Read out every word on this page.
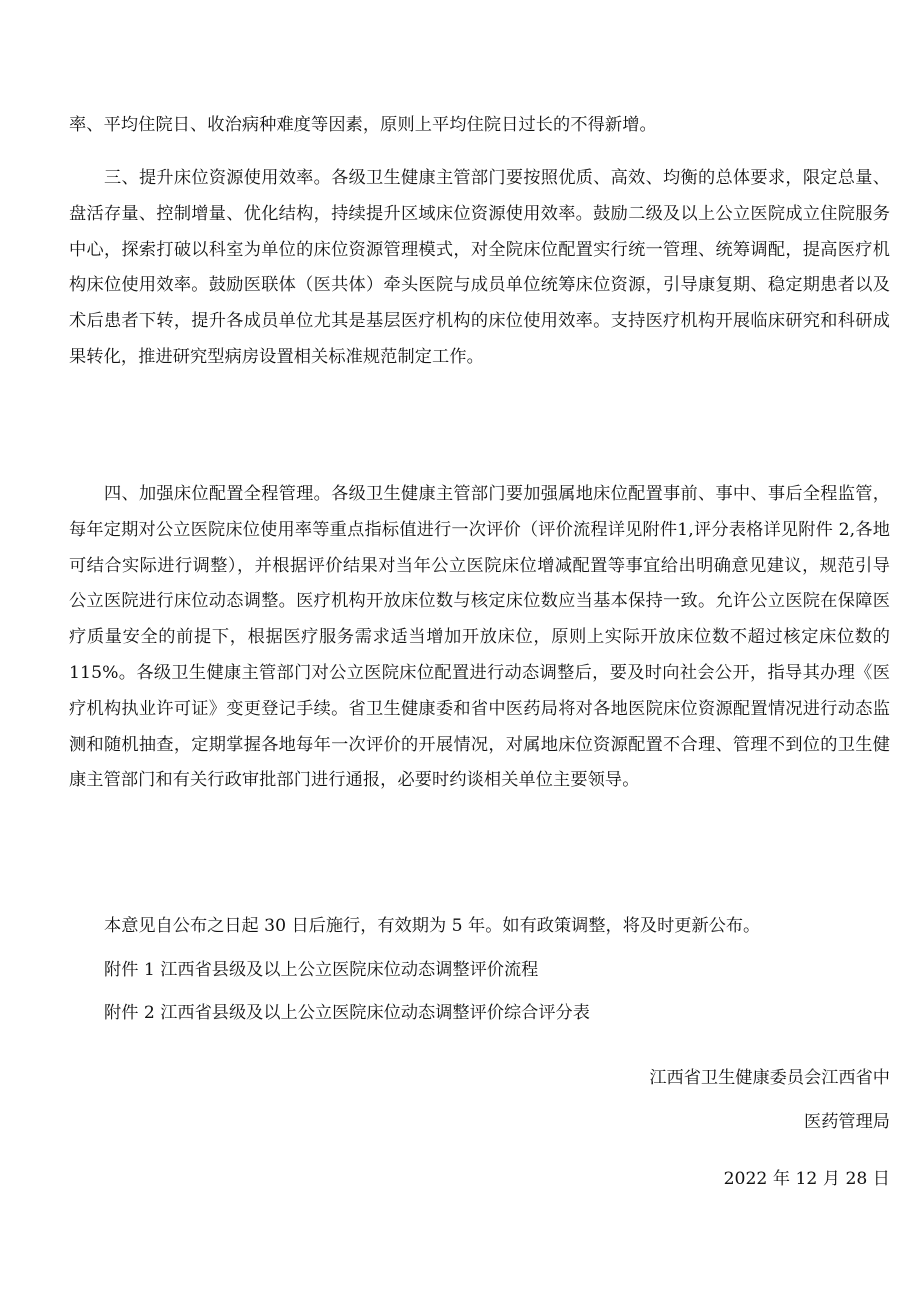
率、平均住院日、收治病种难度等因素，原则上平均住院日过长的不得新增。

三、提升床位资源使用效率。各级卫生健康主管部门要按照优质、高效、均衡的总体要求，限定总量、盘活存量、控制增量、优化结构，持续提升区域床位资源使用效率。鼓励二级及以上公立医院成立住院服务中心，探索打破以科室为单位的床位资源管理模式，对全院床位配置实行统一管理、统筹调配，提高医疗机构床位使用效率。鼓励医联体（医共体）牵头医院与成员单位统筹床位资源，引导康复期、稳定期患者以及术后患者下转，提升各成员单位尤其是基层医疗机构的床位使用效率。支持医疗机构开展临床研究和科研成果转化，推进研究型病房设置相关标准规范制定工作。

四、加强床位配置全程管理。各级卫生健康主管部门要加强属地床位配置事前、事中、事后全程监管，每年定期对公立医院床位使用率等重点指标值进行一次评价（评价流程详见附件1,评分表格详见附件 2,各地可结合实际进行调整），并根据评价结果对当年公立医院床位增减配置等事宜给出明确意见建议，规范引导公立医院进行床位动态调整。医疗机构开放床位数与核定床位数应当基本保持一致。允许公立医院在保障医疗质量安全的前提下，根据医疗服务需求适当增加开放床位，原则上实际开放床位数不超过核定床位数的 115%。各级卫生健康主管部门对公立医院床位配置进行动态调整后，要及时向社会公开，指导其办理《医疗机构执业许可证》变更登记手续。省卫生健康委和省中医药局将对各地医院床位资源配置情况进行动态监测和随机抽查，定期掌握各地每年一次评价的开展情况，对属地床位资源配置不合理、管理不到位的卫生健康主管部门和有关行政审批部门进行通报，必要时约谈相关单位主要领导。

本意见自公布之日起 30 日后施行，有效期为 5 年。如有政策调整，将及时更新公布。

附件 1 江西省县级及以上公立医院床位动态调整评价流程

附件 2 江西省县级及以上公立医院床位动态调整评价综合评分表

江西省卫生健康委员会江西省中

医药管理局

2022 年 12 月 28 日
